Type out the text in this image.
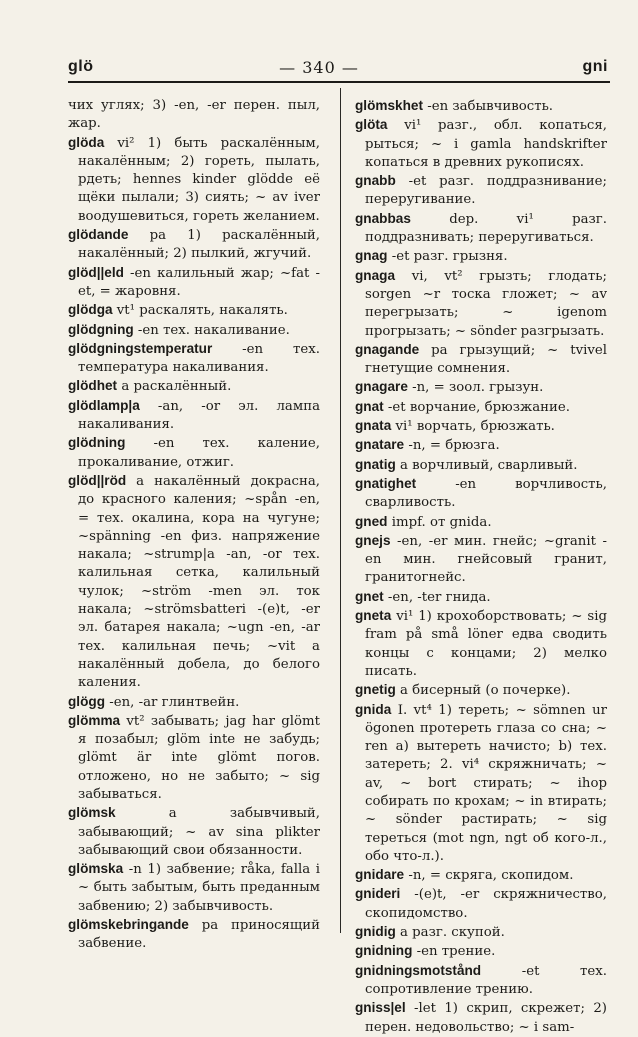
glö	— 340 —	gni

чих углях; 3) -en, -er перен. пыл, жар.

glöda vi² 1) быть раскалённым, накалённым; 2) гореть, пылать, рдеть; hennes kinder glödde её щёки пылали; 3) сиять; ~ av iver воодушевиться, гореть желанием.

glödande pa 1) раскалённый, накалённый; 2) пылкий, жгучий.

glöd||eld -en калильный жар; ~fat -et, = жаровня.

glödga vt¹ раскалять, накалять.

glödgning -en тех. накаливание.

glödgningstemperatur -en тех. температура накаливания.

glödhet a раскалённый.

glödlamp|a -an, -or эл. лампа накаливания.

glödning -en тех. каление, прокаливание, отжиг.

glöd||röd a накалённый докрасна, до красного каления; ~spån -en, = тех. окалина, кора на чугуне; ~spänning -en физ. напряжение накала; ~strump|a -an, -or тех. калильная сетка, калильный чулок; ~ström -men эл. ток накала; ~strömsbatteri -(e)t, -er эл. батарея накала; ~ugn -en, -ar тех. калильная печь; ~vit a накалённый добела, до белого каления.

glögg -en, -ar глинтвейн.

glömma vt² забывать; jag har glömt я позабыл; glöm inte не забудь; glömt är inte glömt погов. отложено, но не забыто; ~ sig забываться.

glömsk a забывчивый, забывающий; ~ av sina plikter забывающий свои обязанности.

glömska -n 1) забвение; råka, falla i ~ быть забытым, быть преданным забвению; 2) забывчивость.

glömskebringande pa приносящий забвение.

glömskhet -en забывчивость.

glöta vi¹ разг., обл. копаться, рыться; ~ i gamla handskrifter копаться в древних рукописях.

gnabb -et разг. поддразнивание; переругивание.

gnabbas dep. vi¹ разг. поддразнивать; переругиваться.

gnag -et разг. грызня.

gnaga vi, vt² грызть; глодать; sorgen ~r тоска гложет; ~ av перегрызать; ~ igenom прогрызать; ~ sönder разгрызать.

gnagande pa грызущий; ~ tvivel гнетущие сомнения.

gnagare -n, = зоол. грызун.

gnat -et ворчание, брюзжание.

gnata vi¹ ворчать, брюзжать.

gnatare -n, = брюзга.

gnatig a ворчливый, сварливый.

gnatighet -en ворчливость, сварливость.

gned impf. от gnida.

gnejs -en, -er мин. гнейс; ~granit -en мин. гнейсовый гранит, гранитогнейс.

gnet -en, -ter гнида.

gneta vi¹ 1) крохоборствовать; ~ sig fram på små löner едва сводить концы с концами; 2) мелко писать.

gnetig a бисерный (о почерке).

gnida I. vt⁴ 1) тереть; ~ sömnen ur ögonen протереть глаза со сна; ~ ren а) вытереть начисто; b) тех. затереть; 2. vi⁴ скряжничать; ~ av, ~ bort стирать; ~ ihop собирать по крохам; ~ in втирать; ~ sönder растирать; ~ sig тереться (mot ngn, ngt об кого-л., обо что-л.).

gnidare -n, = скряга, скопидом.

gnideri -(e)t, -er скряжничество, скопидомство.

gnidig a разг. скупой.

gnidning -en трение.

gnidningsmotstånd -et тех. сопротивление трению.

gniss|el -let 1) скрип, скрежет; 2) перен. недовольство; ~ i sam-
